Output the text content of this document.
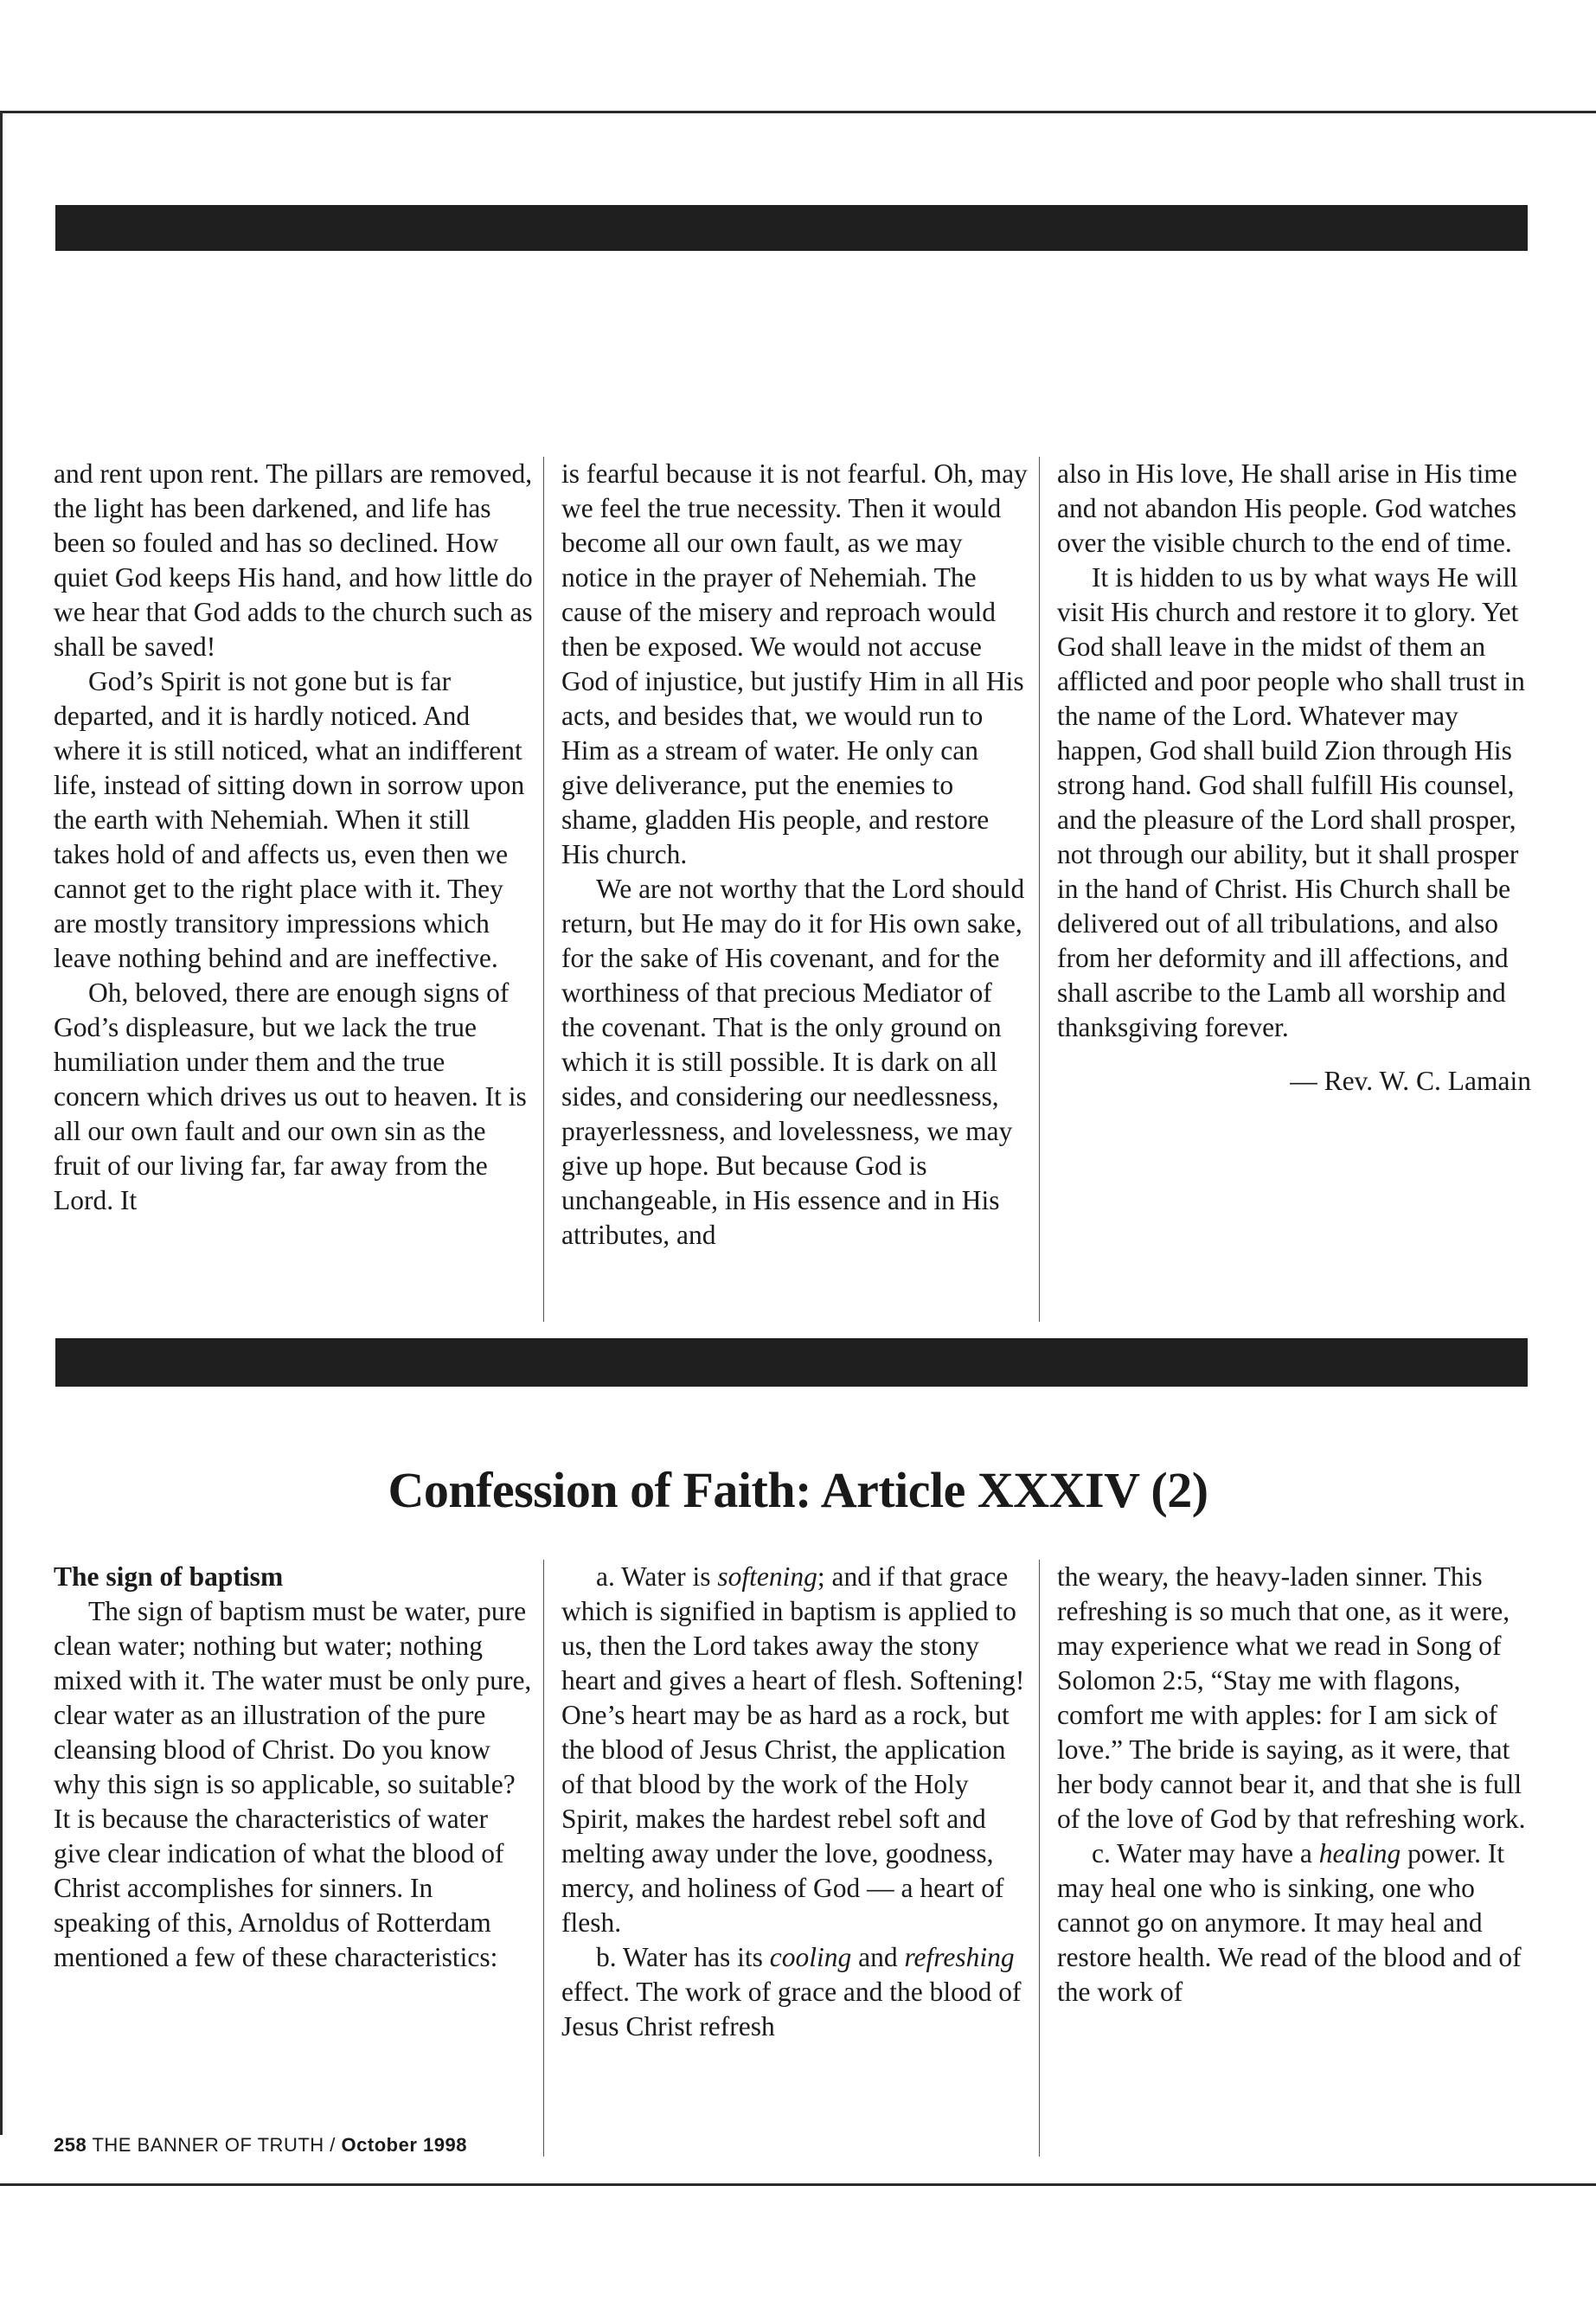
and rent upon rent. The pillars are removed, the light has been darkened, and life has been so fouled and has so declined. How quiet God keeps His hand, and how little do we hear that God adds to the church such as shall be saved!

God’s Spirit is not gone but is far departed, and it is hardly noticed. And where it is still noticed, what an indifferent life, instead of sitting down in sorrow upon the earth with Nehemiah. When it still takes hold of and affects us, even then we cannot get to the right place with it. They are mostly transitory impressions which leave nothing behind and are ineffective.

Oh, beloved, there are enough signs of God’s displeasure, but we lack the true humiliation under them and the true concern which drives us out to heaven. It is all our own fault and our own sin as the fruit of our living far, far away from the Lord. It

is fearful because it is not fearful. Oh, may we feel the true necessity. Then it would become all our own fault, as we may notice in the prayer of Nehemiah. The cause of the misery and reproach would then be exposed. We would not accuse God of injustice, but justify Him in all His acts, and besides that, we would run to Him as a stream of water. He only can give deliverance, put the enemies to shame, gladden His people, and restore His church.

We are not worthy that the Lord should return, but He may do it for His own sake, for the sake of His covenant, and for the worthiness of that precious Mediator of the covenant. That is the only ground on which it is still possible. It is dark on all sides, and considering our needlessness, prayerlessness, and lovelessness, we may give up hope. But because God is unchangeable, in His essence and in His attributes, and

also in His love, He shall arise in His time and not abandon His people. God watches over the visible church to the end of time.

It is hidden to us by what ways He will visit His church and restore it to glory. Yet God shall leave in the midst of them an afflicted and poor people who shall trust in the name of the Lord. Whatever may happen, God shall build Zion through His strong hand. God shall fulfill His counsel, and the pleasure of the Lord shall prosper, not through our ability, but it shall prosper in the hand of Christ. His Church shall be delivered out of all tribulations, and also from her deformity and ill affections, and shall ascribe to the Lamb all worship and thanksgiving forever.

— Rev. W. C. Lamain

Confession of Faith: Article XXXIV (2)

The sign of baptism

The sign of baptism must be water, pure clean water; nothing but water; nothing mixed with it. The water must be only pure, clear water as an illustration of the pure cleansing blood of Christ. Do you know why this sign is so applicable, so suitable? It is because the characteristics of water give clear indication of what the blood of Christ accomplishes for sinners. In speaking of this, Arnoldus of Rotterdam mentioned a few of these characteristics:

a. Water is softening; and if that grace which is signified in baptism is applied to us, then the Lord takes away the stony heart and gives a heart of flesh. Softening! One’s heart may be as hard as a rock, but the blood of Jesus Christ, the application of that blood by the work of the Holy Spirit, makes the hardest rebel soft and melting away under the love, goodness, mercy, and holiness of God — a heart of flesh.

b. Water has its cooling and refreshing effect. The work of grace and the blood of Jesus Christ refresh

the weary, the heavy-laden sinner. This refreshing is so much that one, as it were, may experience what we read in Song of Solomon 2:5, “Stay me with flagons, comfort me with apples: for I am sick of love.” The bride is saying, as it were, that her body cannot bear it, and that she is full of the love of God by that refreshing work.

c. Water may have a healing power. It may heal one who is sinking, one who cannot go on anymore. It may heal and restore health. We read of the blood and of the work of

258 THE BANNER OF TRUTH / October 1998
